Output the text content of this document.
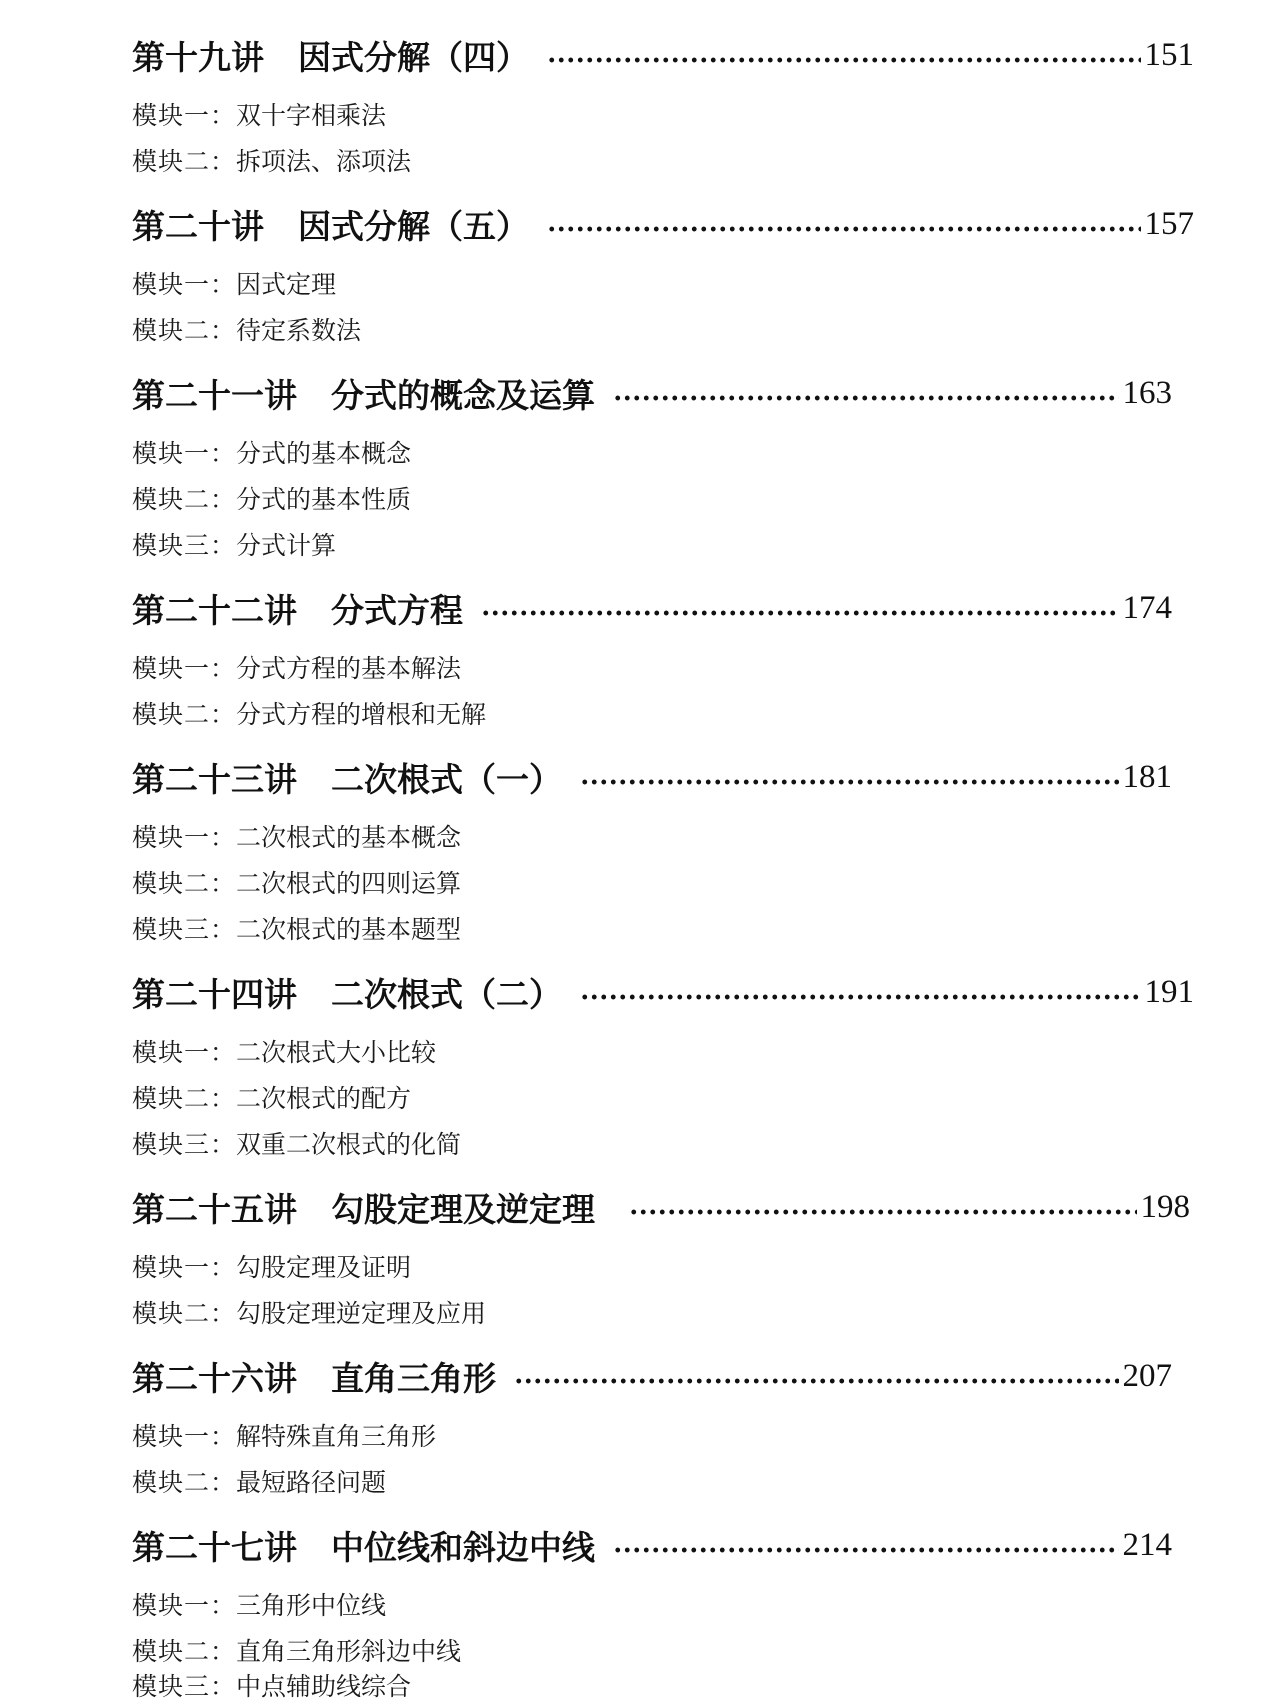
第十九讲 因式分解（四）	151
模块一：双十字相乘法
模块二：拆项法、添项法
第二十讲 因式分解（五）	157
模块一：因式定理
模块二：待定系数法
第二十一讲 分式的概念及运算	163
模块一：分式的基本概念
模块二：分式的基本性质
模块三：分式计算
第二十二讲 分式方程	174
模块一：分式方程的基本解法
模块二：分式方程的增根和无解
第二十三讲 二次根式（一）	181
模块一：二次根式的基本概念
模块二：二次根式的四则运算
模块三：二次根式的基本题型
第二十四讲 二次根式（二）	191
模块一：二次根式大小比较
模块二：二次根式的配方
模块三：双重二次根式的化简
第二十五讲 勾股定理及逆定理	198
模块一：勾股定理及证明
模块二：勾股定理逆定理及应用
第二十六讲 直角三角形	207
模块一：解特殊直角三角形
模块二：最短路径问题
第二十七讲 中位线和斜边中线	214
模块一：三角形中位线
模块二：直角三角形斜边中线
模块三：中点辅助线综合
